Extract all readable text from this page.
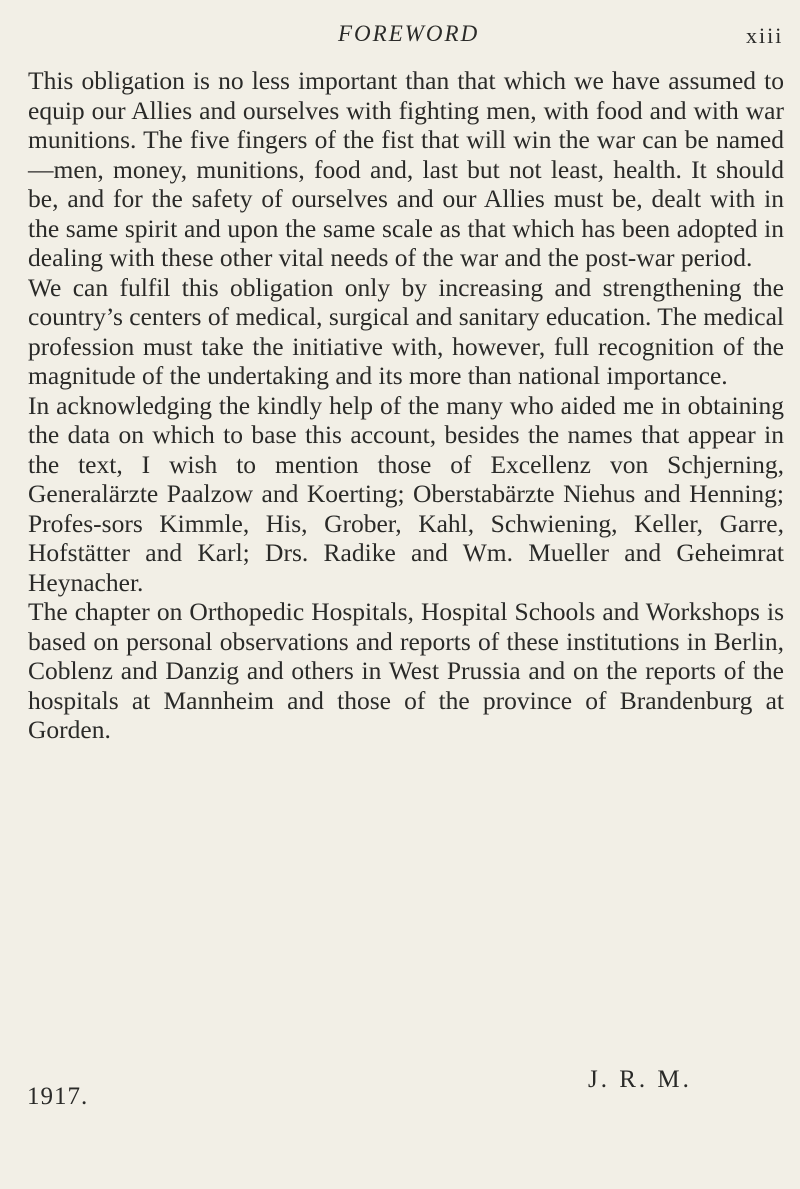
FOREWORD	xiii

This obligation is no less important than that which we have assumed to equip our Allies and ourselves with fighting men, with food and with war munitions. The five fingers of the fist that will win the war can be named—men, money, munitions, food and, last but not least, health. It should be, and for the safety of ourselves and our Allies must be, dealt with in the same spirit and upon the same scale as that which has been adopted in dealing with these other vital needs of the war and the post-war period.

We can fulfil this obligation only by increasing and strengthening the country’s centers of medical, surgical and sanitary education. The medical profession must take the initiative with, however, full recognition of the magnitude of the undertaking and its more than national importance.

In acknowledging the kindly help of the many who aided me in obtaining the data on which to base this account, besides the names that appear in the text, I wish to mention those of Excellenz von Schjerning, Generalärzte Paalzow and Koerting; Oberstabärzte Niehus and Henning; Profes-sors Kimmle, His, Grober, Kahl, Schwiening, Keller, Garre, Hofstätter and Karl; Drs. Radike and Wm. Mueller and Geheimrat Heynacher.

The chapter on Orthopedic Hospitals, Hospital Schools and Workshops is based on personal observations and reports of these institutions in Berlin, Coblenz and Danzig and others in West Prussia and on the reports of the hospitals at Mannheim and those of the province of Brandenburg at Gorden.

J. R. M.
1917.
